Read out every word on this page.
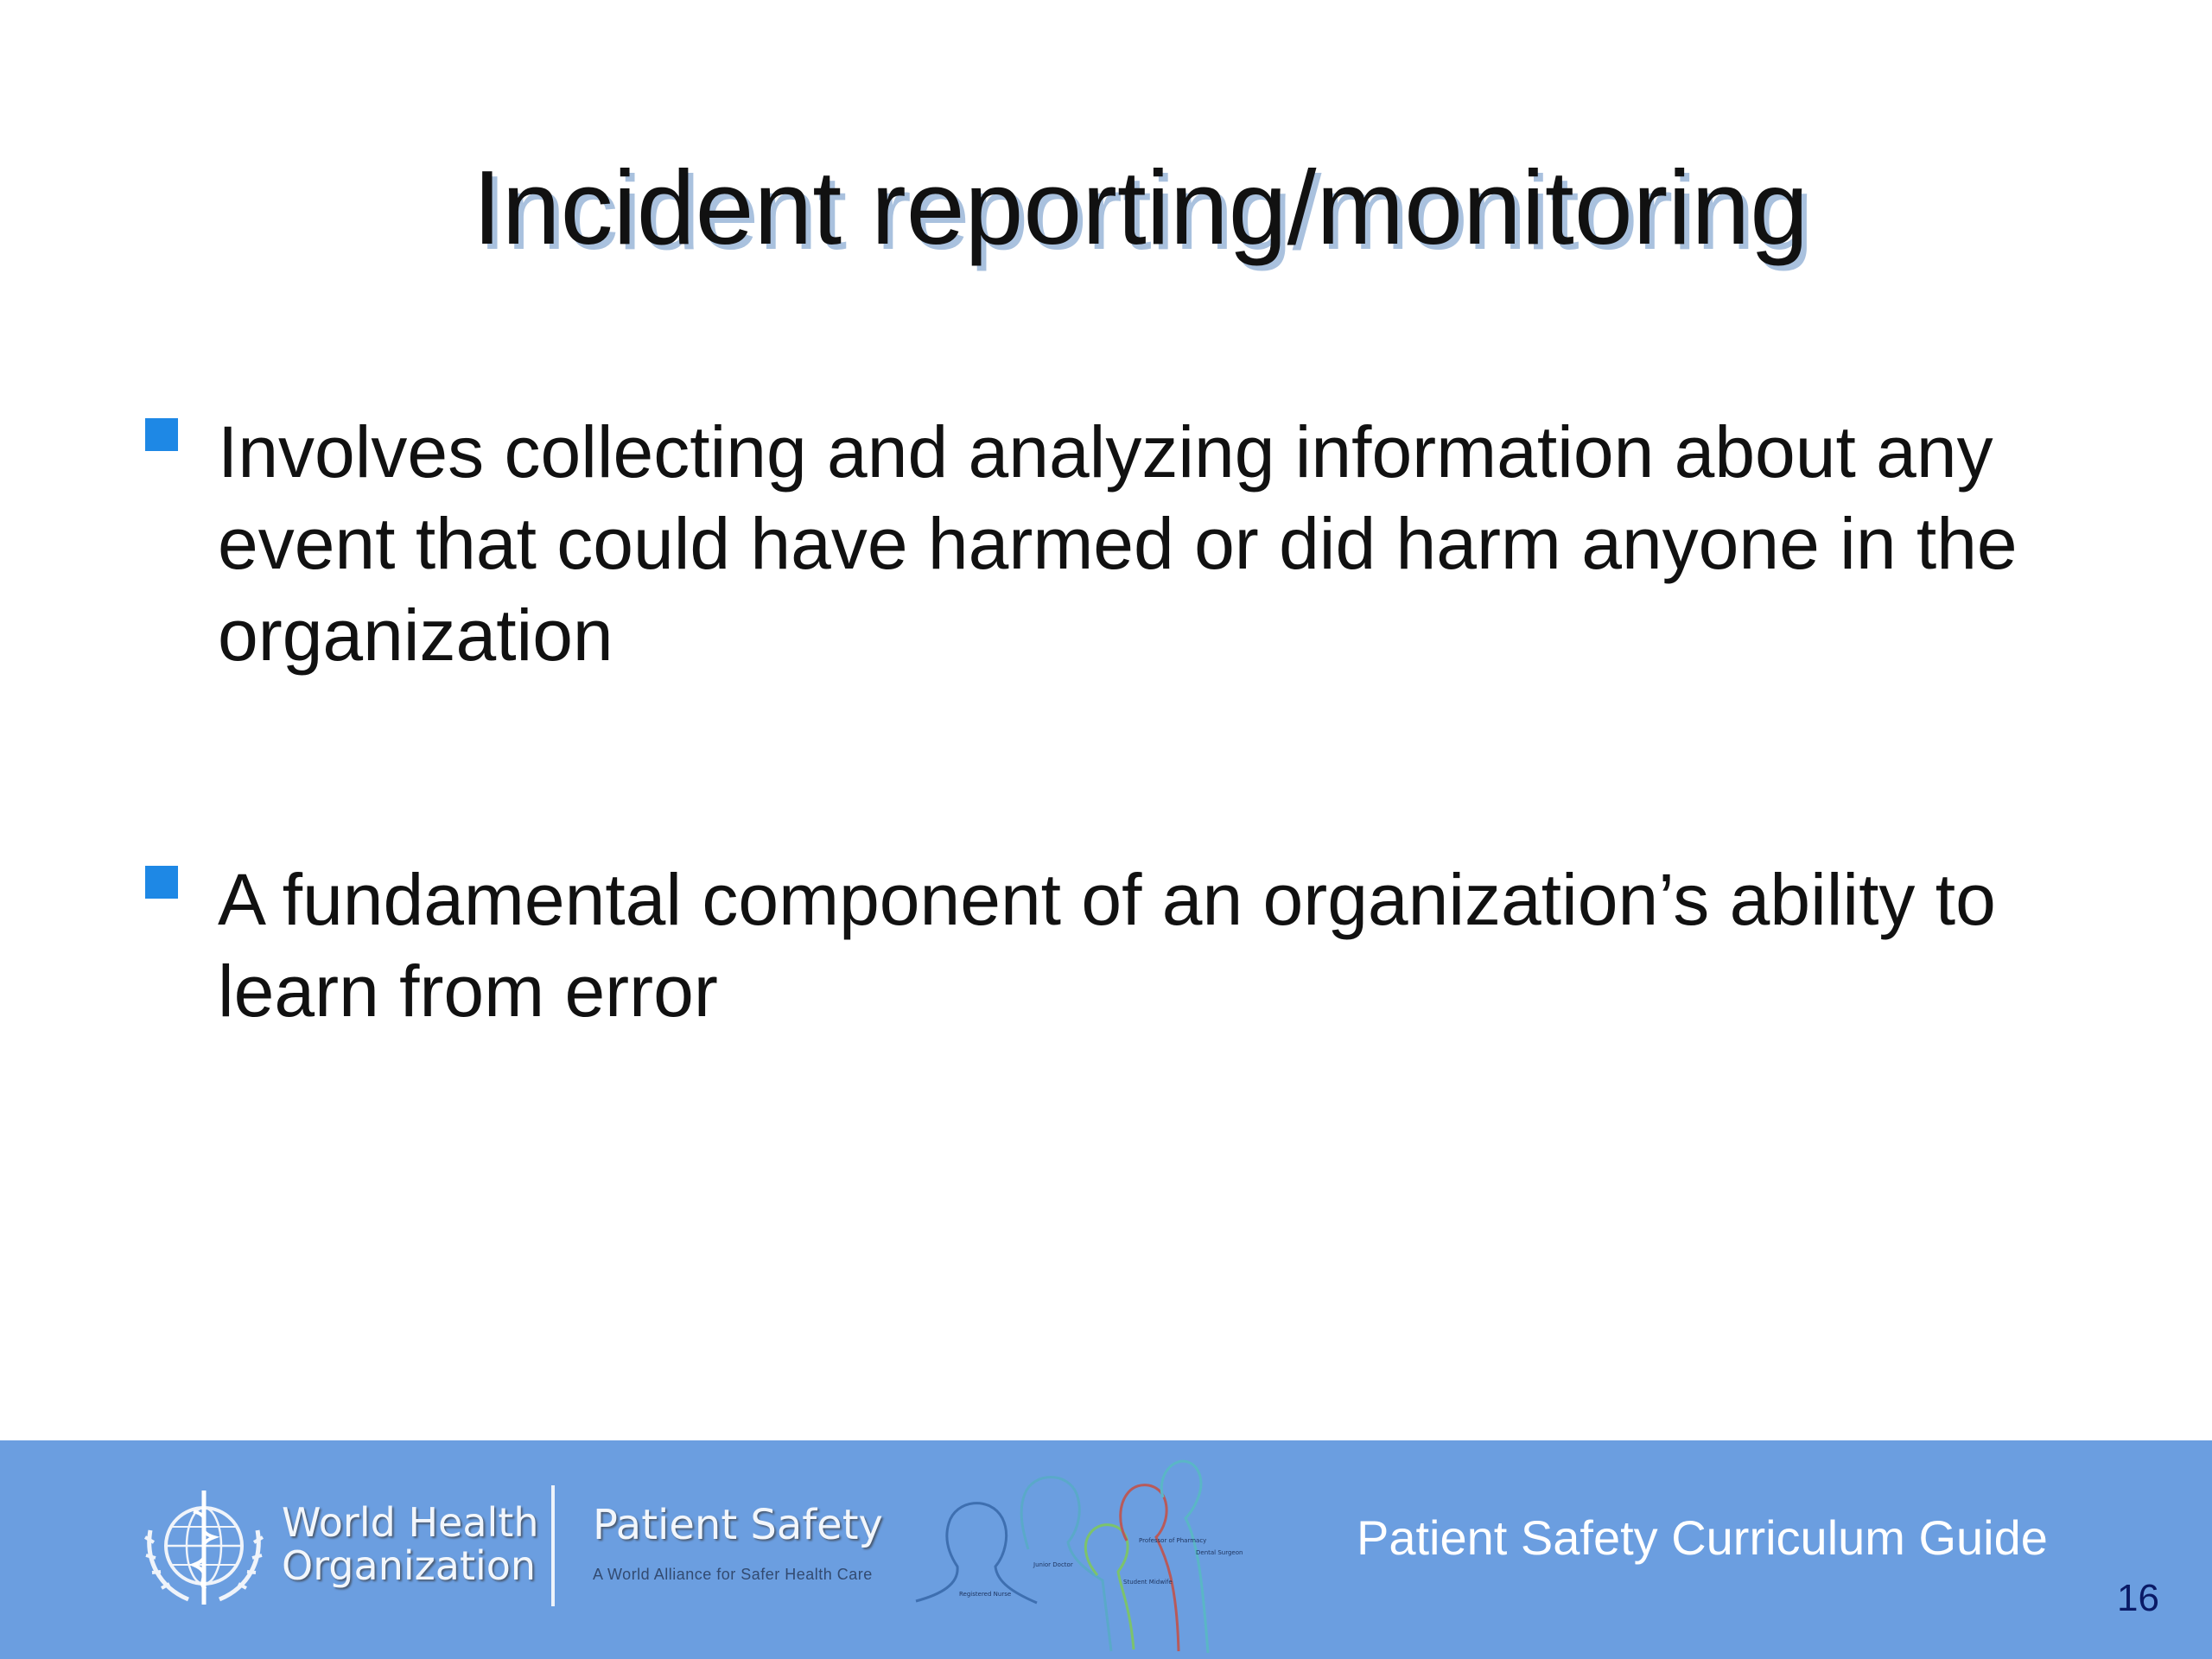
Incident reporting/monitoring
Involves collecting and analyzing information about any event that could have harmed or did harm anyone in the organization
A fundamental component of an organization’s ability to learn from error
World Health
Organization
Patient Safety
A World Alliance for Safer Health Care
Registered Nurse
Junior Doctor
Professor of Pharmacy
Student Midwife
Dental Surgeon Patient Safety Curriculum Guide
16
